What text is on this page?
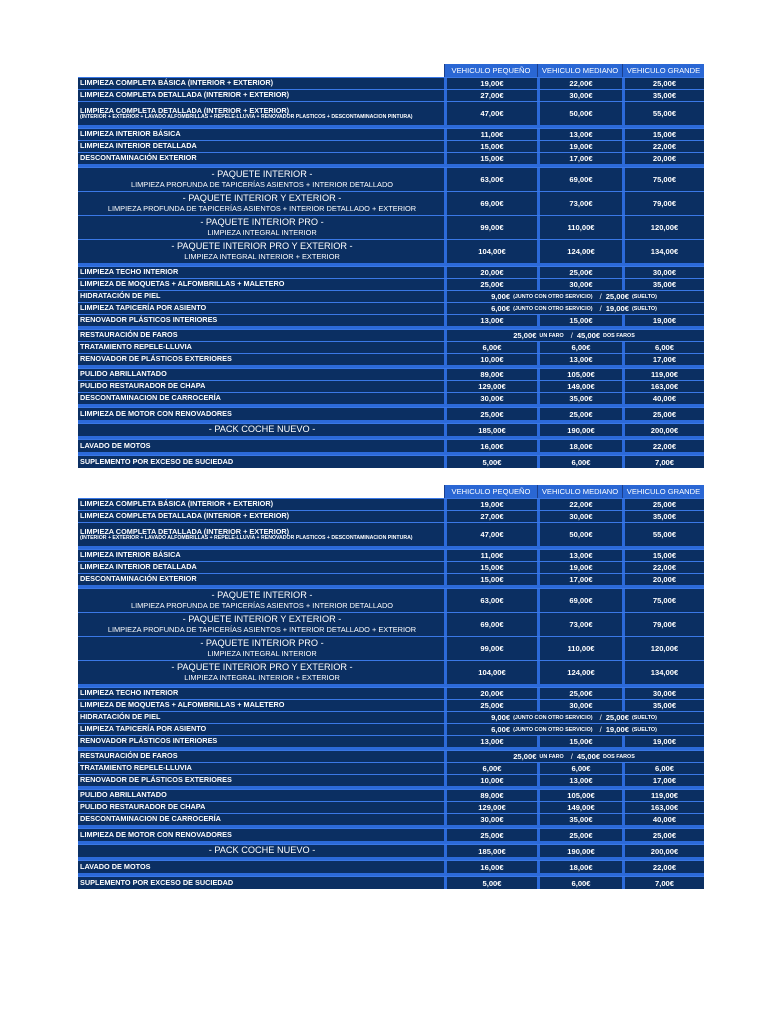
VEHICULO PEQUEÑO	VEHICULO MEDIANO	VEHICULO GRANDE
LIMPIEZA COMPLETA BÁSICA (INTERIOR + EXTERIOR)	19,00€	22,00€	25,00€
LIMPIEZA COMPLETA DETALLADA (INTERIOR + EXTERIOR)	27,00€	30,00€	35,00€
LIMPIEZA COMPLETA DETALLADA (INTERIOR + EXTERIOR)
(INTERIOR + EXTERIOR + LAVADO ALFOMBRILLAS + REPELE-LLUVIA + RENOVADOR PLASTICOS + DESCONTAMINACION PINTURA)	47,00€	50,00€	55,00€
LIMPIEZA INTERIOR BÁSICA	11,00€	13,00€	15,00€
LIMPIEZA INTERIOR DETALLADA	15,00€	19,00€	22,00€
DESCONTAMINACIÓN EXTERIOR	15,00€	17,00€	20,00€
- PAQUETE INTERIOR -
LIMPIEZA PROFUNDA DE TAPICERÍAS ASIENTOS + INTERIOR DETALLADO
63,00€	69,00€	75,00€
- PAQUETE INTERIOR Y EXTERIOR -
LIMPIEZA PROFUNDA DE TAPICERÍAS ASIENTOS + INTERIOR DETALLADO + EXTERIOR
69,00€	73,00€	79,00€
- PAQUETE INTERIOR PRO -
LIMPIEZA INTEGRAL INTERIOR
99,00€	110,00€	120,00€
- PAQUETE INTERIOR PRO Y EXTERIOR -
LIMPIEZA INTEGRAL INTERIOR + EXTERIOR
104,00€	124,00€	134,00€
LIMPIEZA TECHO INTERIOR	20,00€	25,00€	30,00€
LIMPIEZA DE MOQUETAS + ALFOMBRILLAS + MALETERO	25,00€	30,00€	35,00€
HIDRATACIÓN DE PIEL	9,00€ (JUNTO CON OTRO SERVICIO) / 25,00€ (SUELTO)
LIMPIEZA TAPICERÍA POR ASIENTO	6,00€ (JUNTO CON OTRO SERVICIO) / 19,00€ (SUELTO)
RENOVADOR PLÁSTICOS INTERIORES	13,00€	15,00€	19,00€
RESTAURACIÓN DE FAROS	25,00€ UN FARO / 45,00€ DOS FAROS
TRATAMIENTO REPELE-LLUVIA	6,00€	6,00€	6,00€
RENOVADOR DE PLÁSTICOS EXTERIORES	10,00€	13,00€	17,00€
PULIDO ABRILLANTADO	89,00€	105,00€	119,00€
PULIDO RESTAURADOR DE CHAPA	129,00€	149,00€	163,00€
DESCONTAMINACION DE CARROCERÍA	30,00€	35,00€	40,00€
LIMPIEZA DE MOTOR CON RENOVADORES	25,00€	25,00€	25,00€
- PACK COCHE NUEVO -	185,00€	190,00€	200,00€
LAVADO DE MOTOS	16,00€	18,00€	22,00€
SUPLEMENTO POR EXCESO DE SUCIEDAD	5,00€	6,00€	7,00€
VEHICULO PEQUEÑO	VEHICULO MEDIANO	VEHICULO GRANDE
LIMPIEZA COMPLETA BÁSICA (INTERIOR + EXTERIOR)	19,00€	22,00€	25,00€
LIMPIEZA COMPLETA DETALLADA (INTERIOR + EXTERIOR)	27,00€	30,00€	35,00€
LIMPIEZA COMPLETA DETALLADA (INTERIOR + EXTERIOR)
(INTERIOR + EXTERIOR + LAVADO ALFOMBRILLAS + REPELE-LLUVIA + RENOVADOR PLASTICOS + DESCONTAMINACION PINTURA)	47,00€	50,00€	55,00€
LIMPIEZA INTERIOR BÁSICA	11,00€	13,00€	15,00€
LIMPIEZA INTERIOR DETALLADA	15,00€	19,00€	22,00€
DESCONTAMINACIÓN EXTERIOR	15,00€	17,00€	20,00€
- PAQUETE INTERIOR -
LIMPIEZA PROFUNDA DE TAPICERÍAS ASIENTOS + INTERIOR DETALLADO
63,00€	69,00€	75,00€
- PAQUETE INTERIOR Y EXTERIOR -
LIMPIEZA PROFUNDA DE TAPICERÍAS ASIENTOS + INTERIOR DETALLADO + EXTERIOR
69,00€	73,00€	79,00€
- PAQUETE INTERIOR PRO -
LIMPIEZA INTEGRAL INTERIOR
99,00€	110,00€	120,00€
- PAQUETE INTERIOR PRO Y EXTERIOR -
LIMPIEZA INTEGRAL INTERIOR + EXTERIOR
104,00€	124,00€	134,00€
LIMPIEZA TECHO INTERIOR	20,00€	25,00€	30,00€
LIMPIEZA DE MOQUETAS + ALFOMBRILLAS + MALETERO	25,00€	30,00€	35,00€
HIDRATACIÓN DE PIEL	9,00€ (JUNTO CON OTRO SERVICIO) / 25,00€ (SUELTO)
LIMPIEZA TAPICERÍA POR ASIENTO	6,00€ (JUNTO CON OTRO SERVICIO) / 19,00€ (SUELTO)
RENOVADOR PLÁSTICOS INTERIORES	13,00€	15,00€	19,00€
RESTAURACIÓN DE FAROS	25,00€ UN FARO / 45,00€ DOS FAROS
TRATAMIENTO REPELE-LLUVIA	6,00€	6,00€	6,00€
RENOVADOR DE PLÁSTICOS EXTERIORES	10,00€	13,00€	17,00€
PULIDO ABRILLANTADO	89,00€	105,00€	119,00€
PULIDO RESTAURADOR DE CHAPA	129,00€	149,00€	163,00€
DESCONTAMINACION DE CARROCERÍA	30,00€	35,00€	40,00€
LIMPIEZA DE MOTOR CON RENOVADORES	25,00€	25,00€	25,00€
- PACK COCHE NUEVO -	185,00€	190,00€	200,00€
LAVADO DE MOTOS	16,00€	18,00€	22,00€
SUPLEMENTO POR EXCESO DE SUCIEDAD	5,00€	6,00€	7,00€
